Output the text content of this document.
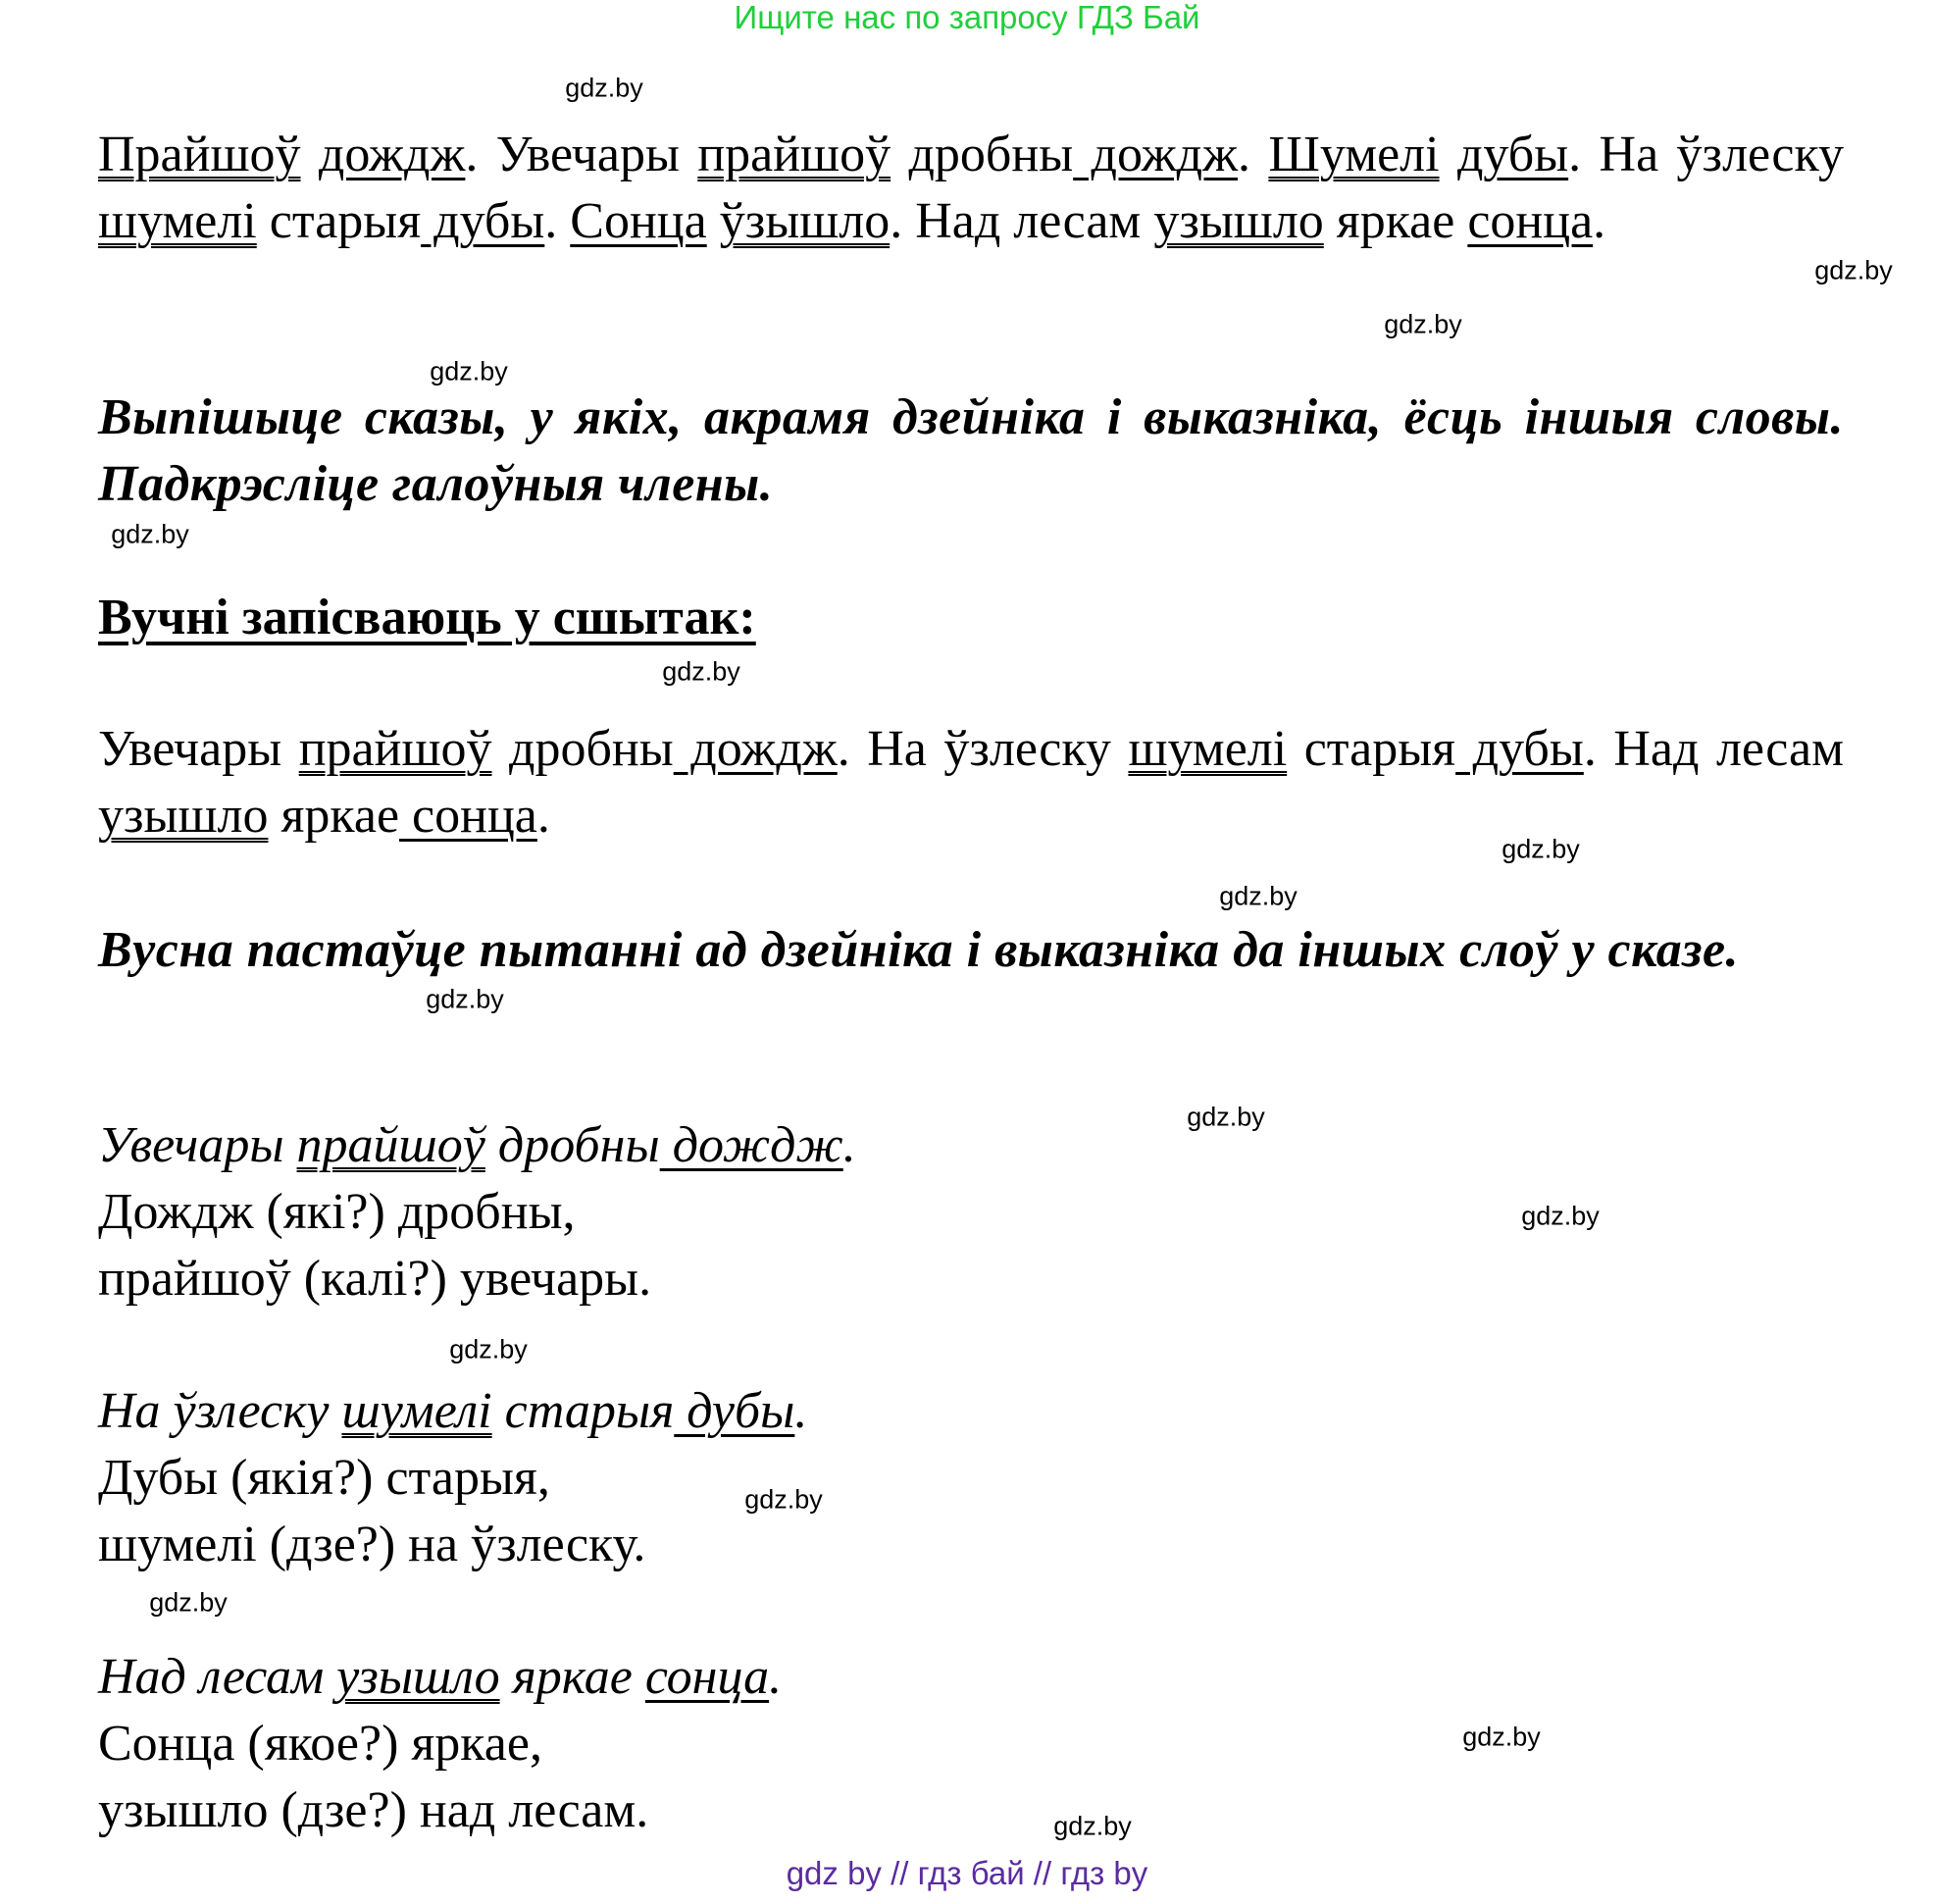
Ищите нас по запросу ГДЗ Бай
Прайшоў дождж. Увечары прайшоў дробны дождж. Шумелі дубы. На ўзлеску шумелі старыя дубы. Сонца ўзышло. Над лесам узышло яркае сонца.
Выпішыце сказы, у якіх, акрамя дзейніка і выказніка, ёсць іншыя словы. Падкрэсліце галоўныя члены.
Вучні запісваюць у сшытак:
Увечары прайшоў дробны дождж. На ўзлеску шумелі старыя дубы. Над лесам узышло яркае сонца.
Вусна пастаўце пытанні ад дзейніка і выказніка да іншых слоў у сказе.
Увечары прайшоў дробны дождж.
Дождж (які?) дробны,
прайшоў (калі?) увечары.
На ўзлеску шумелі старыя дубы.
Дубы (якія?) старыя,
шумелі (дзе?) на ўзлеску.
Над лесам узышло яркае сонца.
Сонца (якое?) яркае,
узышло (дзе?) над лесам.
gdz.by
gdz.by
gdz.by
gdz.by
gdz.by
gdz.by
gdz.by
gdz.by
gdz.by
gdz.by
gdz.by
gdz.by
gdz.by
gdz.by
gdz.by
gdz.by
gdz by // гдз бай // гдз by
